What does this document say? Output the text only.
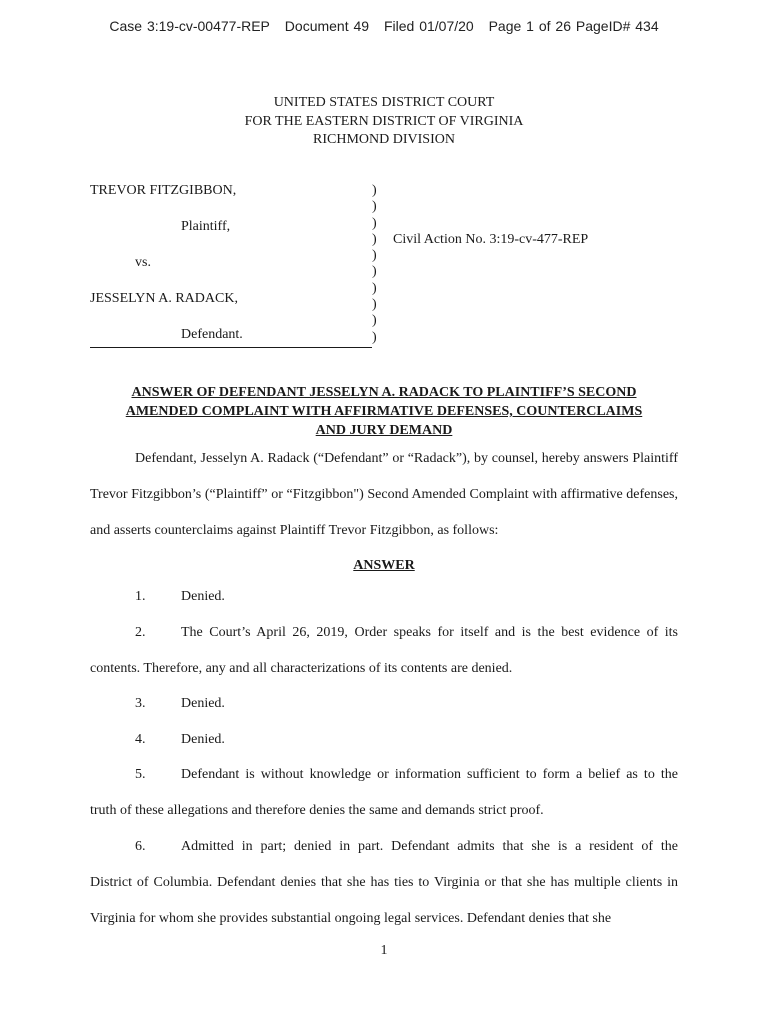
Case 3:19-cv-00477-REP Document 49 Filed 01/07/20 Page 1 of 26 PageID# 434
UNITED STATES DISTRICT COURT
FOR THE EASTERN DISTRICT OF VIRGINIA
RICHMOND DIVISION
TREVOR FITZGIBBON,
Plaintiff,
vs.
JESSELYN A. RADACK,
Defendant.
)
)
)
)
)
)
)
)
)
)
Civil Action No. 3:19-cv-477-REP
ANSWER OF DEFENDANT JESSELYN A. RADACK TO PLAINTIFF’S SECOND
AMENDED COMPLAINT WITH AFFIRMATIVE DEFENSES, COUNTERCLAIMS
AND JURY DEMAND
Defendant, Jesselyn A. Radack (“Defendant” or “Radack”), by counsel, hereby answers Plaintiff Trevor Fitzgibbon’s (“Plaintiff” or “Fitzgibbon") Second Amended Complaint with affirmative defenses, and asserts counterclaims against Plaintiff Trevor Fitzgibbon, as follows:
ANSWER
1.	Denied.
2.	The Court’s April 26, 2019, Order speaks for itself and is the best evidence of its
contents. Therefore, any and all characterizations of its contents are denied.
3.	Denied.
4.	Denied.
5.	Defendant is without knowledge or information sufficient to form a belief as to the
truth of these allegations and therefore denies the same and demands strict proof.
6.	Admitted in part; denied in part. Defendant admits that she is a resident of the
District of Columbia. Defendant denies that she has ties to Virginia or that she has multiple clients in Virginia for whom she provides substantial ongoing legal services. Defendant denies that she
1
